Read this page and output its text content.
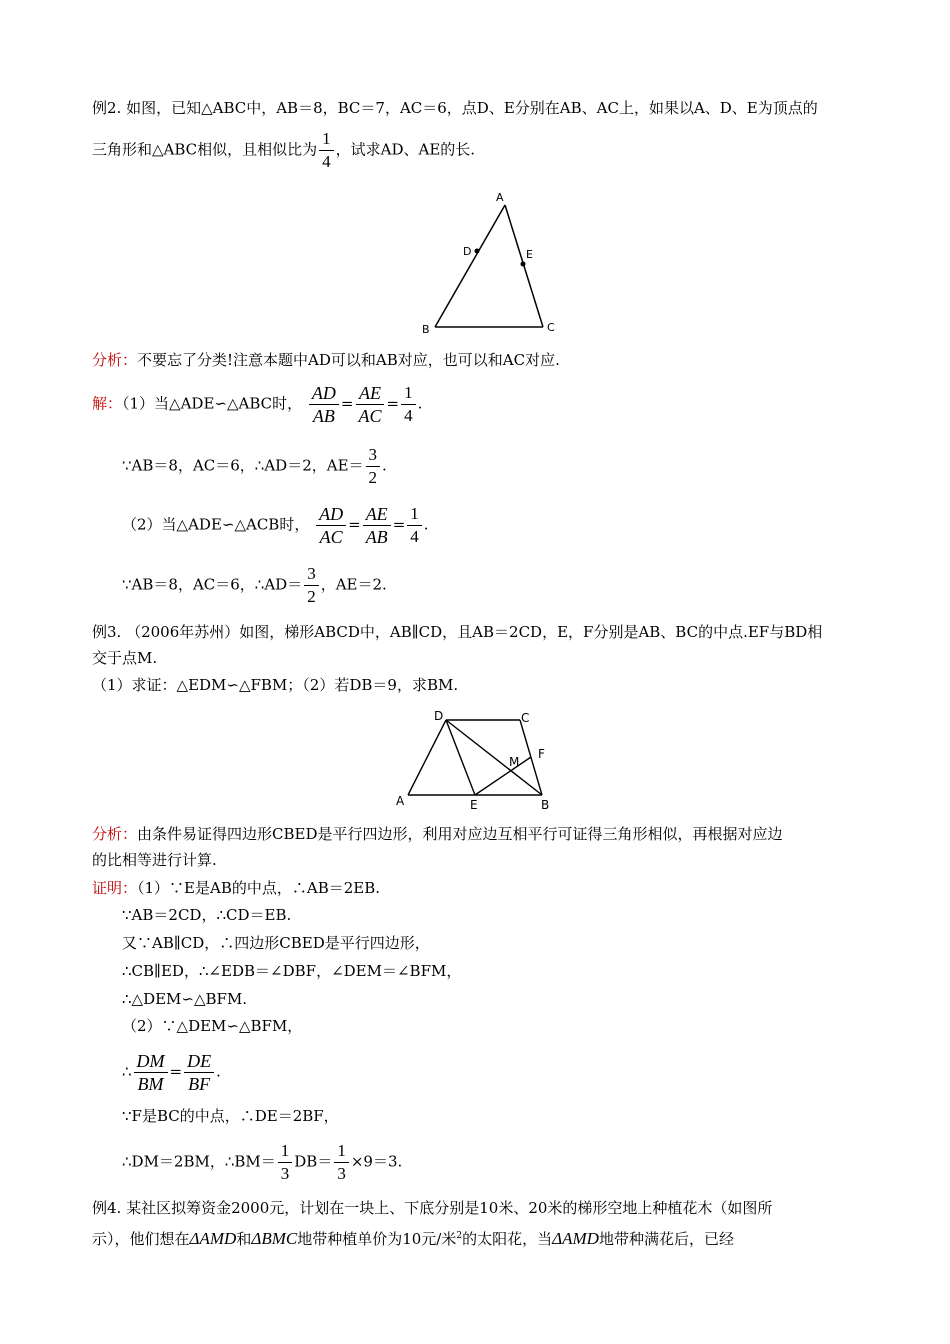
例2. 如图，已知△ABC中，AB＝8，BC＝7，AC＝6，点D、E分别在AB、AC上，如果以A、D、E为顶点的
三角形和△ABC相似，且相似比为 $\frac{1}{4}$ ，试求AD、AE的长.
A
D	E
B	C
分析：不要忘了分类!注意本题中AD可以和AB对应，也可以和AC对应.
解：（1）当△ADE∽△ABC时， $\frac{AD}{AB} = \frac{AE}{AC} = \frac{1}{4}$ .
∵AB＝8，AC＝6，∴AD＝2，$AE= \frac{3}{2}$ .
（2）当△ADE∽△ACB时， $\frac{AD}{AC} = \frac{AE}{AB} = \frac{1}{4}$ .
∵AB＝8，AC＝6，∴AD＝ $\frac{3}{2}$ ，AE＝2.
例3. （2006年苏州）如图，梯形ABCD中，AB∥CD，且AB＝2CD，E，F分别是AB、BC的中点.EF与BD相
交于点M.
（1）求证：△EDM∽△FBM；（2）若DB＝9，求BM.
D	C
M
F
A	E	B
分析：由条件易证得四边形CBED是平行四边形，利用对应边互相平行可证得三角形相似，再根据对应边
的比相等进行计算.
证明：（1）∵E是AB的中点，∴AB＝2EB.
∵AB＝2CD，∴CD＝EB.
又∵AB∥CD，∴四边形CBED是平行四边形，
∴CB∥ED，∴∠EDB＝∠DBF，∠DEM＝∠BFM，
∴△DEM∽△BFM.
（2）∵△DEM∽△BFM，
∴ $\frac{DM}{BM} = \frac{DE}{BF}$ .
∵F是BC的中点，∴DE＝2BF，
∴DM＝2BM，∴BM＝ $\frac{1}{3} DB= \frac{1}{3} \times 9=3$.
例4. 某社区拟筹资金2000元，计划在一块上、下底分别是10米、20米的梯形空地上种植花木（如图所
示），他们想在ΔAMD和ΔBMC地带种植单价为10元/米$^2$的太阳花，当ΔAMD地带种满花后，已经
